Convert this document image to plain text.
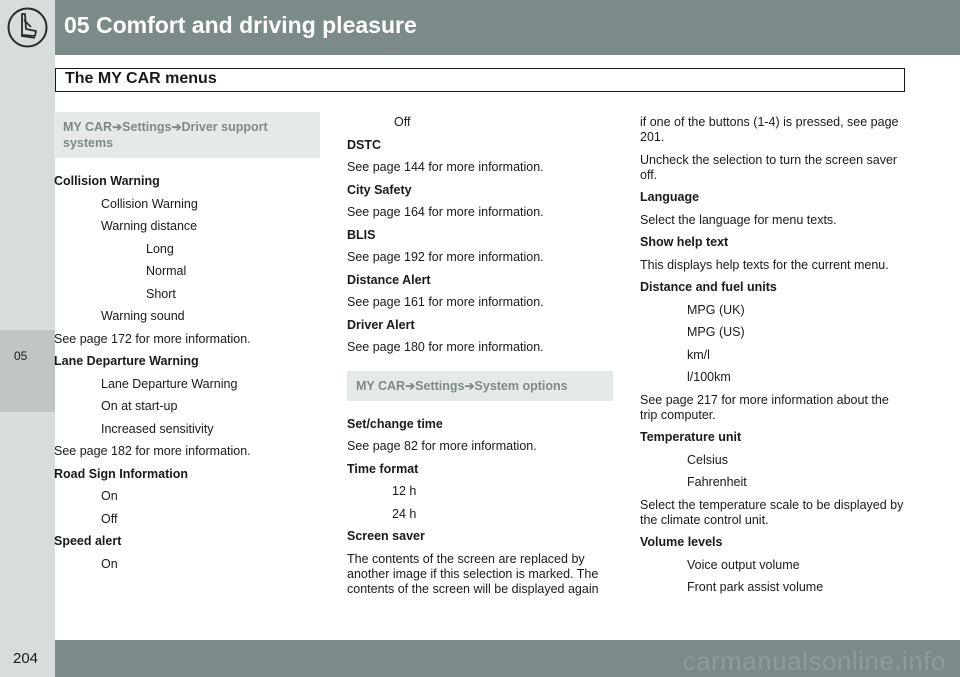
05 Comfort and driving pleasure
The MY CAR menus
05
MY CAR➔Settings➔Driver support systems
Collision Warning
Collision Warning
Warning distance
Long
Normal
Short
Warning sound
See page 172 for more information.
Lane Departure Warning
Lane Departure Warning
On at start-up
Increased sensitivity
See page 182 for more information.
Road Sign Information
On
Off
Speed alert
On
Off
DSTC
See page 144 for more information.
City Safety
See page 164 for more information.
BLIS
See page 192 for more information.
Distance Alert
See page 161 for more information.
Driver Alert
See page 180 for more information.
MY CAR➔Settings➔System options
Set/change time
See page 82 for more information.
Time format
12 h
24 h
Screen saver
The contents of the screen are replaced by another image if this selection is marked. The contents of the screen will be displayed again
if one of the buttons (1-4) is pressed, see page 201.
Uncheck the selection to turn the screen saver off.
Language
Select the language for menu texts.
Show help text
This displays help texts for the current menu.
Distance and fuel units
MPG (UK)
MPG (US)
km/l
l/100km
See page 217 for more information about the trip computer.
Temperature unit
Celsius
Fahrenheit
Select the temperature scale to be displayed by the climate control unit.
Volume levels
Voice output volume
Front park assist volume
204	carmanualsonline.info
